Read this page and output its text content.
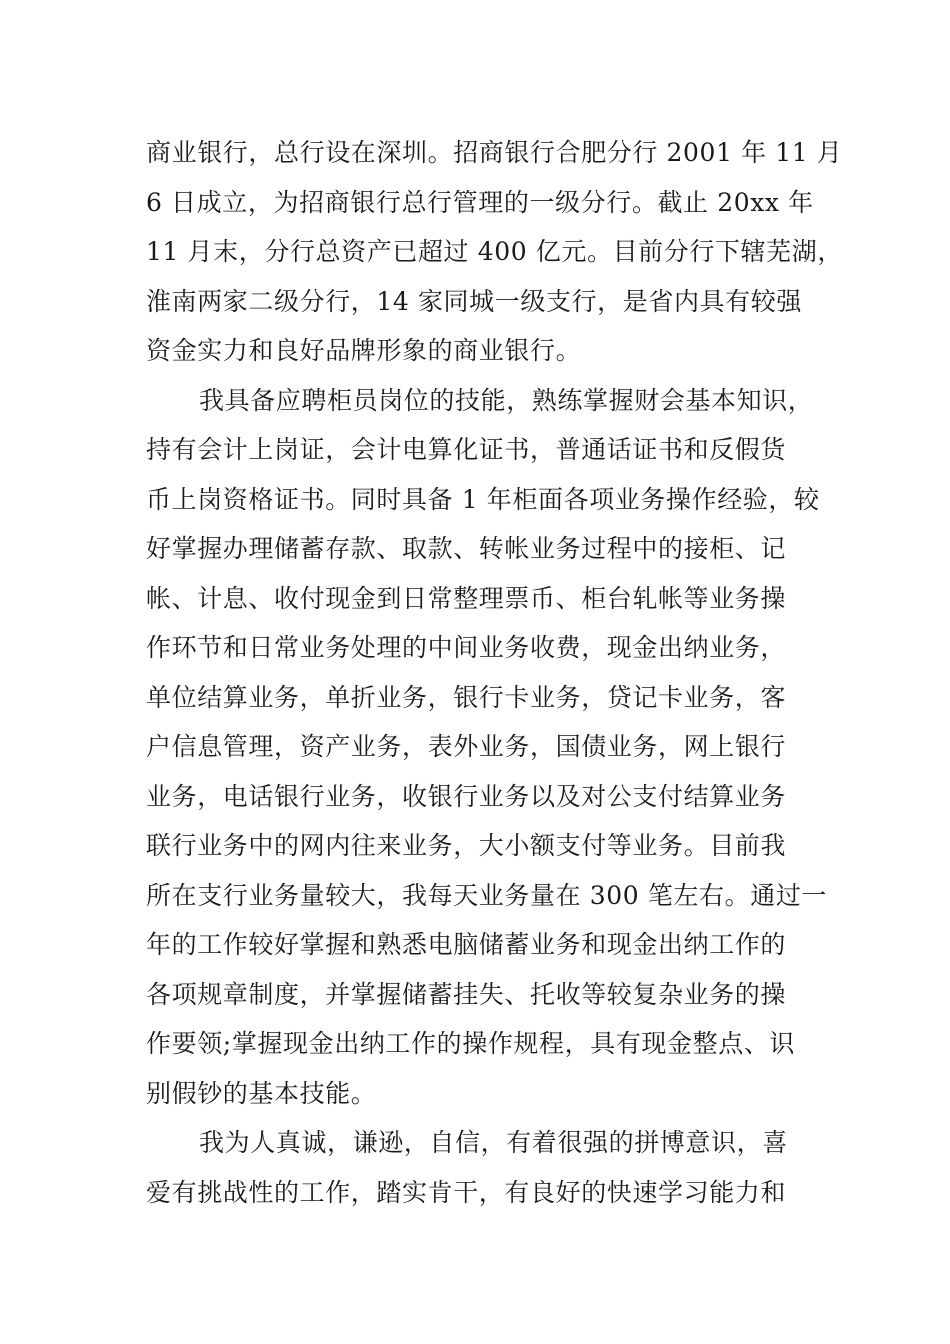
商业银行，总行设在深圳。招商银行合肥分行 2001 年 11 月
6 日成立，为招商银行总行管理的一级分行。截止 20xx 年
11 月末，分行总资产已超过 400 亿元。目前分行下辖芜湖，
淮南两家二级分行，14 家同城一级支行，是省内具有较强
资金实力和良好品牌形象的商业银行。
我具备应聘柜员岗位的技能，熟练掌握财会基本知识，
持有会计上岗证，会计电算化证书，普通话证书和反假货
币上岗资格证书。同时具备 1 年柜面各项业务操作经验，较
好掌握办理储蓄存款、取款、转帐业务过程中的接柜、记
帐、计息、收付现金到日常整理票币、柜台轧帐等业务操
作环节和日常业务处理的中间业务收费，现金出纳业务，
单位结算业务，单折业务，银行卡业务，贷记卡业务，客
户信息管理，资产业务，表外业务，国债业务，网上银行
业务，电话银行业务，收银行业务以及对公支付结算业务
联行业务中的网内往来业务，大小额支付等业务。目前我
所在支行业务量较大，我每天业务量在 300 笔左右。通过一
年的工作较好掌握和熟悉电脑储蓄业务和现金出纳工作的
各项规章制度，并掌握储蓄挂失、托收等较复杂业务的操
作要领;掌握现金出纳工作的操作规程，具有现金整点、识
别假钞的基本技能。
我为人真诚，谦逊，自信，有着很强的拼博意识，喜
爱有挑战性的工作，踏实肯干，有良好的快速学习能力和
